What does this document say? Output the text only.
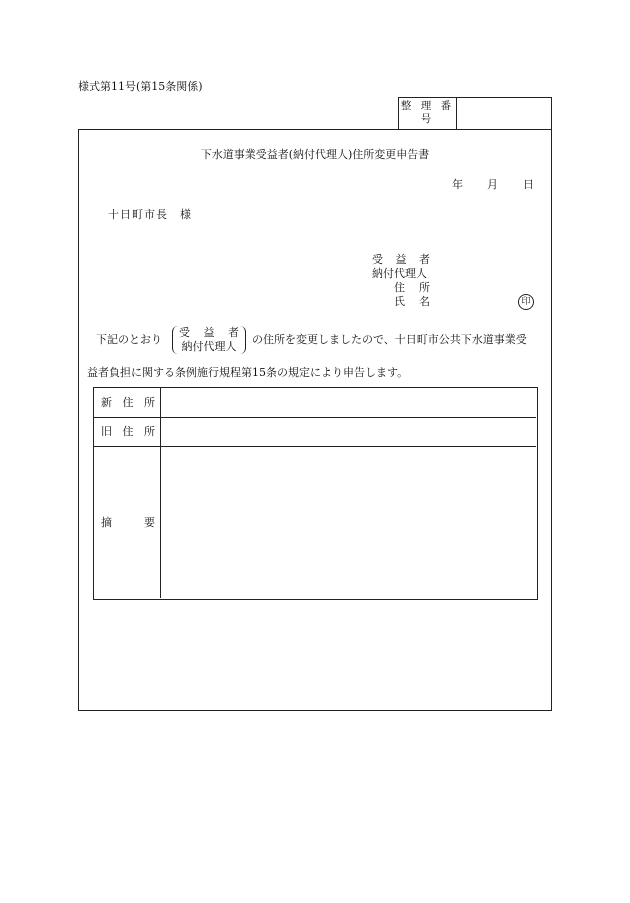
様式第11号(第15条関係)
整 理 番
号
下水道事業受益者(納付代理人)住所変更申告書
年 月 日
十日町市長　様
受 益 者
納付代理人
住 所
氏 名	印
下記のとおり
受 益 者
納付代理人
の住所を変更しましたので、十日町市公共下水道事業受
益者負担に関する条例施行規程第15条の規定により申告します。
新 住 所
旧 住 所
摘	要
